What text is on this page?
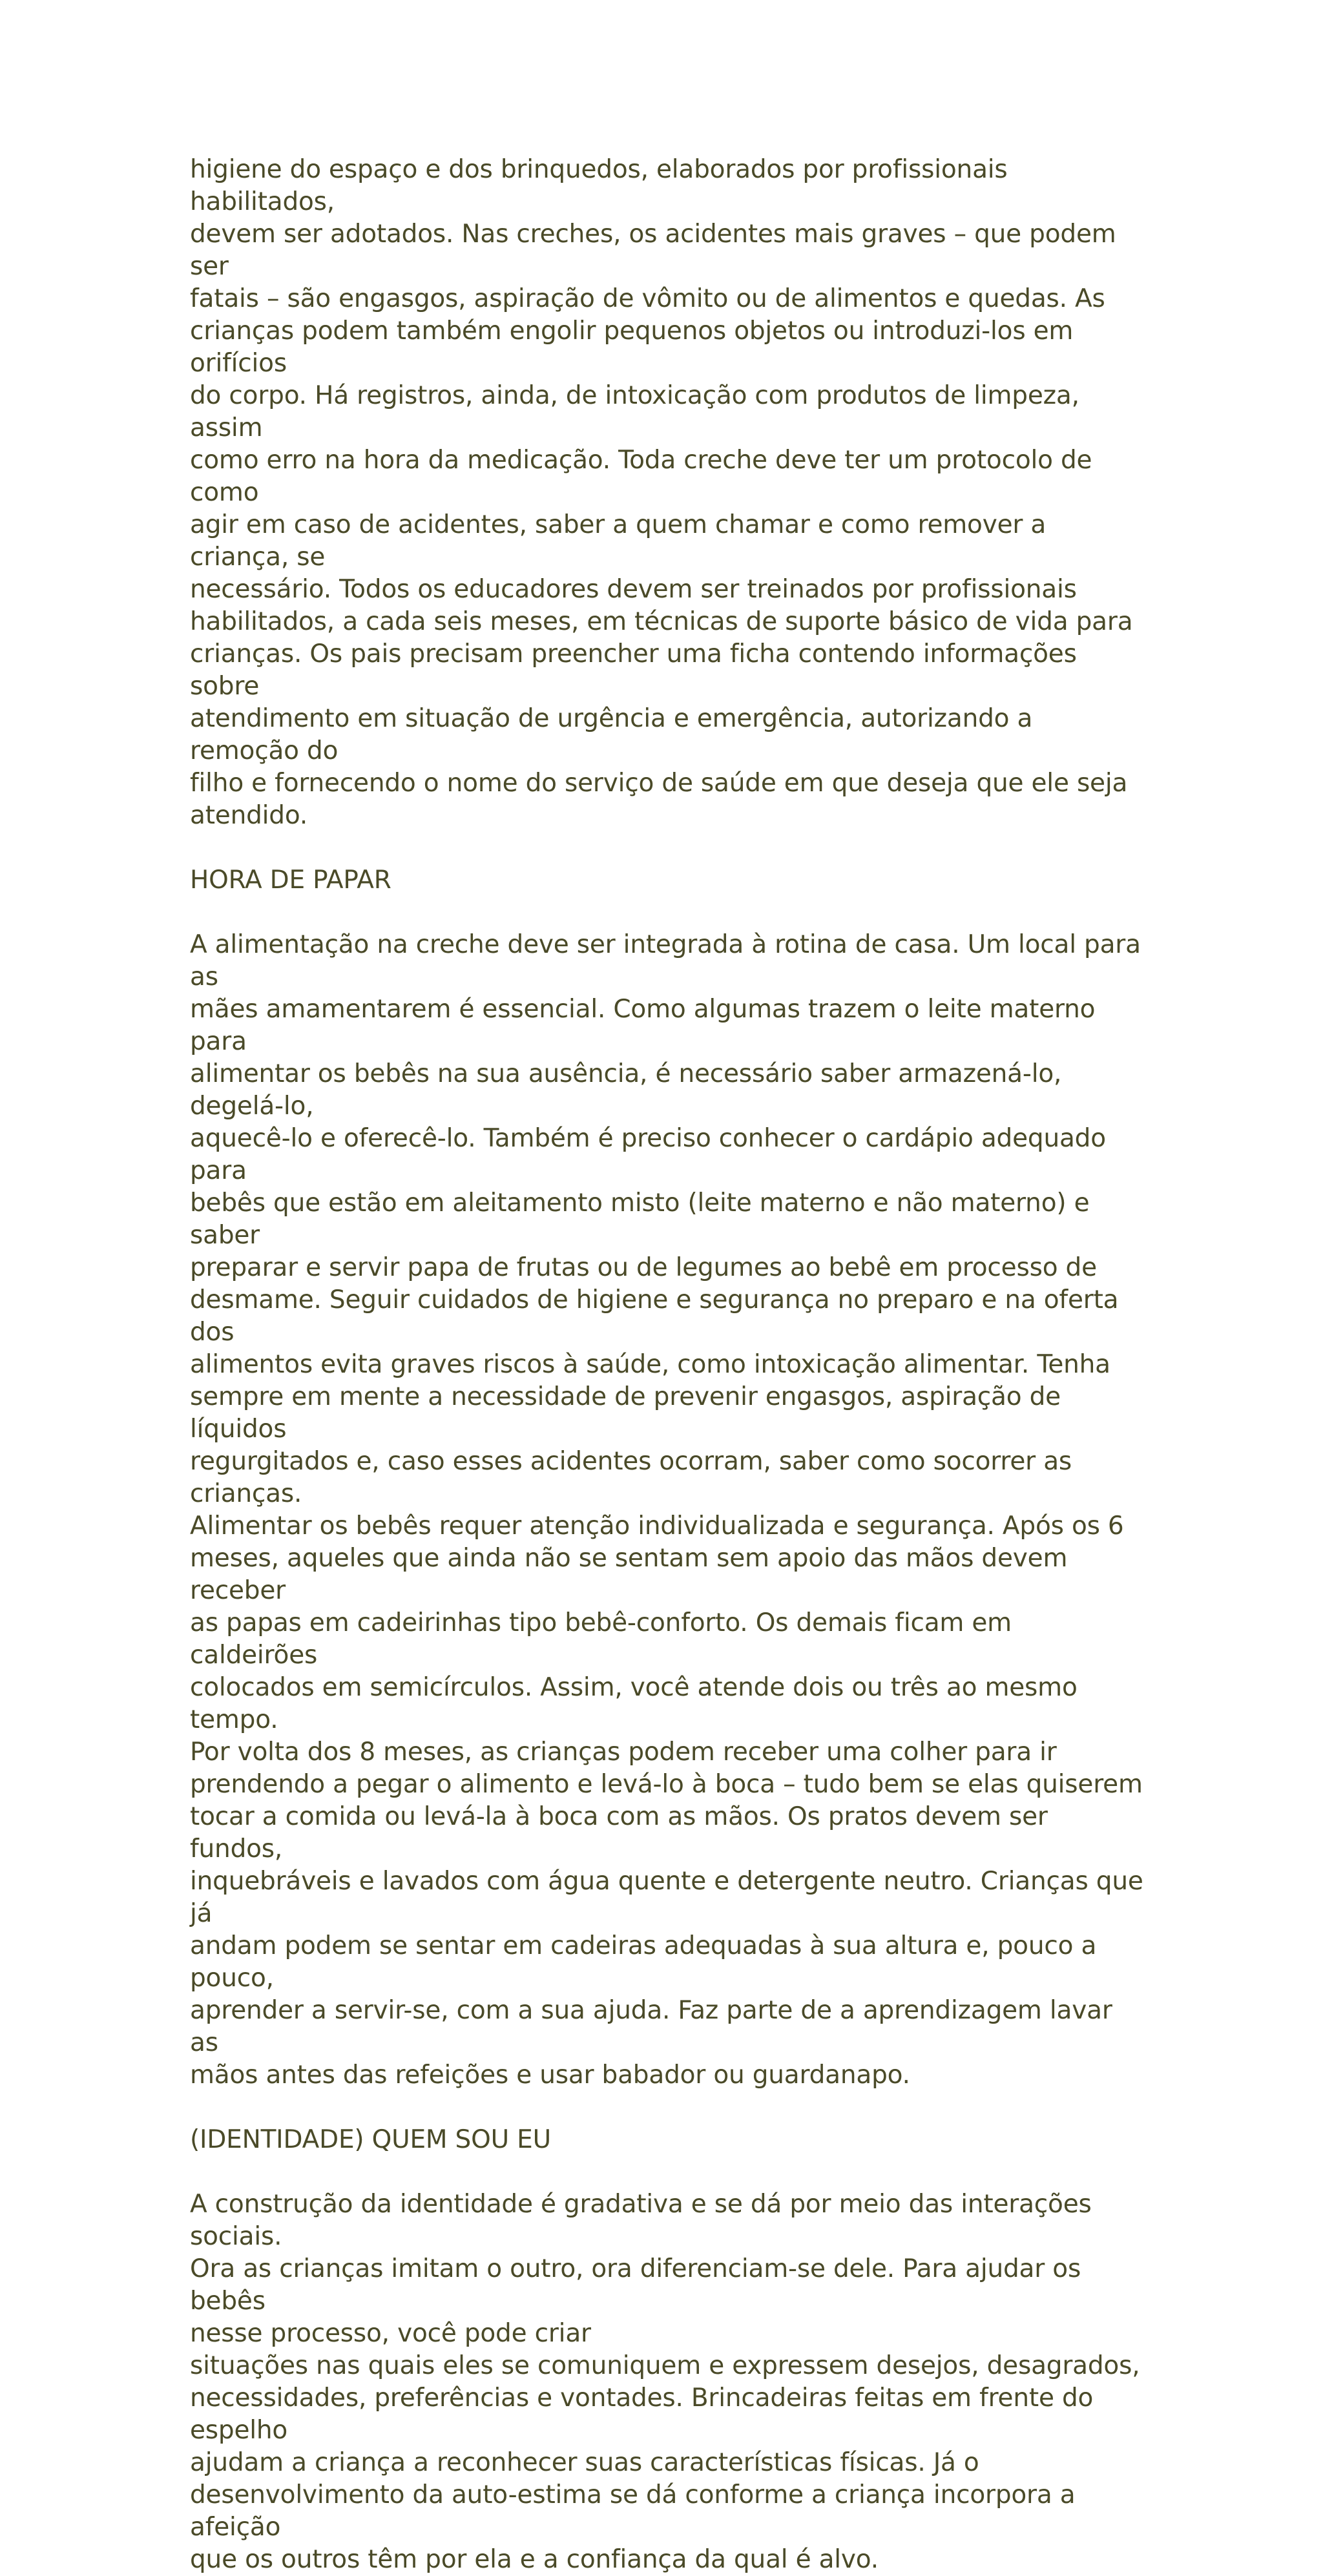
higiene do espaço e dos brinquedos, elaborados por profissionais habilitados,
devem ser adotados. Nas creches, os acidentes mais graves – que podem ser
fatais – são engasgos, aspiração de vômito ou de alimentos e quedas. As
crianças podem também engolir pequenos objetos ou introduzi-los em orifícios
do corpo. Há registros, ainda, de intoxicação com produtos de limpeza, assim
como erro na hora da medicação. Toda creche deve ter um protocolo de como
agir em caso de acidentes, saber a quem chamar e como remover a criança, se
necessário. Todos os educadores devem ser treinados por profissionais
habilitados, a cada seis meses, em técnicas de suporte básico de vida para
crianças. Os pais precisam preencher uma ficha contendo informações sobre
atendimento em situação de urgência e emergência, autorizando a remoção do
filho e fornecendo o nome do serviço de saúde em que deseja que ele seja
atendido.

HORA DE PAPAR

A alimentação na creche deve ser integrada à rotina de casa. Um local para as
mães amamentarem é essencial. Como algumas trazem o leite materno para
alimentar os bebês na sua ausência, é necessário saber armazená-lo, degelá-lo,
aquecê-lo e oferecê-lo. Também é preciso conhecer o cardápio adequado para
bebês que estão em aleitamento misto (leite materno e não materno) e saber
preparar e servir papa de frutas ou de legumes ao bebê em processo de
desmame. Seguir cuidados de higiene e segurança no preparo e na oferta dos
alimentos evita graves riscos à saúde, como intoxicação alimentar. Tenha
sempre em mente a necessidade de prevenir engasgos, aspiração de líquidos
regurgitados e, caso esses acidentes ocorram, saber como socorrer as crianças.
Alimentar os bebês requer atenção individualizada e segurança. Após os 6
meses, aqueles que ainda não se sentam sem apoio das mãos devem receber
as papas em cadeirinhas tipo bebê-conforto. Os demais ficam em caldeirões
colocados em semicírculos. Assim, você atende dois ou três ao mesmo tempo.
Por volta dos 8 meses, as crianças podem receber uma colher para ir
prendendo a pegar o alimento e levá-lo à boca – tudo bem se elas quiserem
tocar a comida ou levá-la à boca com as mãos. Os pratos devem ser fundos,
inquebráveis e lavados com água quente e detergente neutro. Crianças que já
andam podem se sentar em cadeiras adequadas à sua altura e, pouco a pouco,
aprender a servir-se, com a sua ajuda. Faz parte de a aprendizagem lavar as
mãos antes das refeições e usar babador ou guardanapo.

(IDENTIDADE) QUEM SOU EU

A construção da identidade é gradativa e se dá por meio das interações sociais.
Ora as crianças imitam o outro, ora diferenciam-se dele. Para ajudar os bebês
nesse processo, você pode criar
situações nas quais eles se comuniquem e expressem desejos, desagrados,
necessidades, preferências e vontades. Brincadeiras feitas em frente do espelho
ajudam a criança a reconhecer suas características físicas. Já o
desenvolvimento da auto-estima se dá conforme a criança incorpora a afeição
que os outros têm por ela e a confiança da qual é alvo.
